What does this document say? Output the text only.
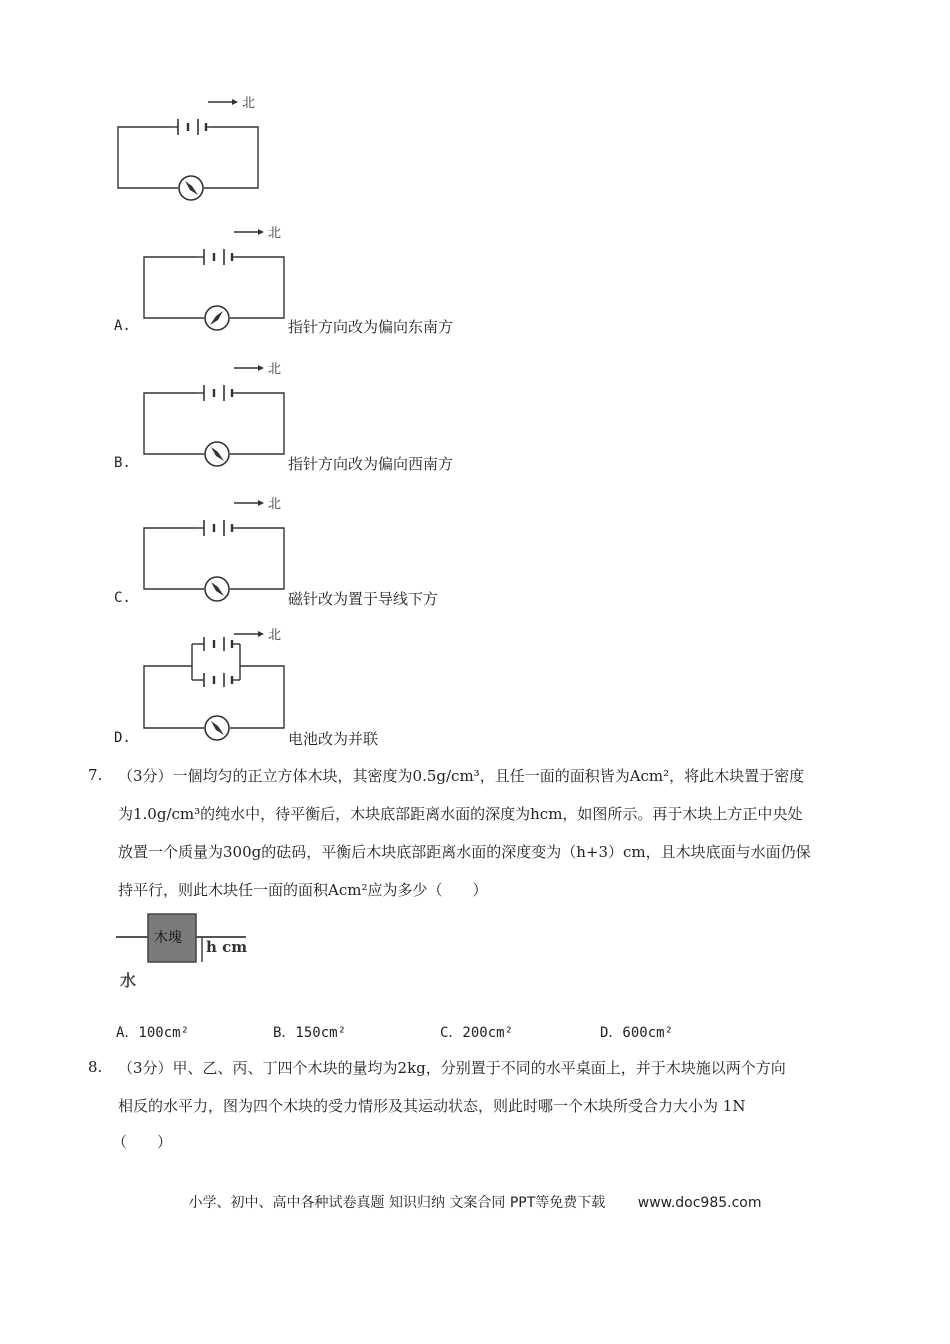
北
北
A.	指针方向改为偏向东南方
北
B.	指针方向改为偏向西南方
北
C.	磁针改为置于导线下方
北
D.	电池改为并联
7. （3分）一個均匀的正立方体木块，其密度为0.5g/cm³，且任一面的面积皆为Acm²，将此木块置于密度
为1.0g/cm³的纯水中，待平衡后，木块底部距离水面的深度为hcm，如图所示。再于木块上方正中央处
放置一个质量为300g的砝码，平衡后木块底部距离水面的深度变为（h+3）cm，且木块底面与水面仍保
持平行，则此木块任一面的面积Acm²应为多少（　　）
木塊 h cm
水
A．100cm²	B．150cm²	C．200cm²	D．600cm²
8. （3分）甲、乙、丙、丁四个木块的量均为2kg，分别置于不同的水平桌面上，并于木块施以两个方向
相反的水平力，图为四个木块的受力情形及其运动状态，则此时哪一个木块所受合力大小为 1N
（　　）
小学、初中、高中各种试卷真题 知识归纳 文案合同 PPT等免费下载 www.doc985.com
